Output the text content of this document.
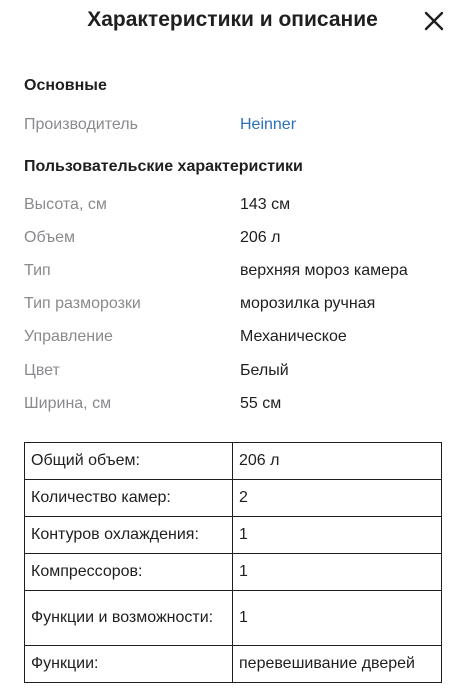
Характеристики и описание
Основные
Производитель	Heinner
Пользовательские характеристики
Высота, см	143 см
Объем	206 л
Тип	верхняя мороз камера
Тип разморозки	морозилка ручная
Управление	Механическое
Цвет	Белый
Ширина, см	55 см
Общий объем:	206 л
Количество камер:	2
Контуров охлаждения:	1
Компрессоров:	1
Функции и возможности:	1
Функции:	перевешивание дверей
